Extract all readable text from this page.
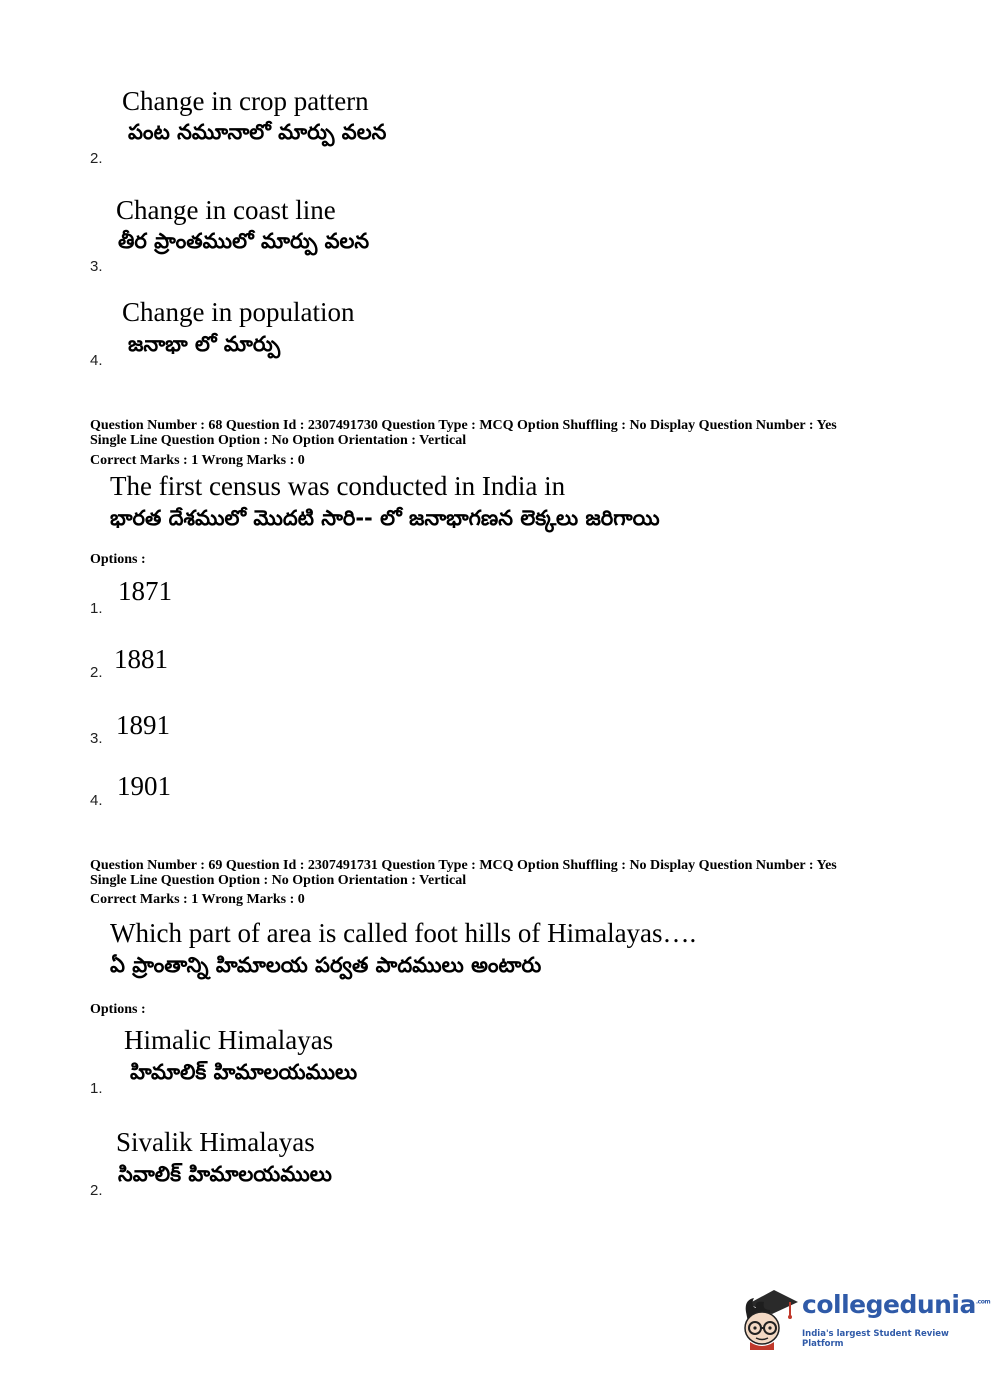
Change in crop pattern
పంట నమూనాలో మార్పు వలన
2.
Change in coast line
తీర ప్రాంతములో మార్పు వలన
3.
Change in population
జనాభా లో మార్పు
4.
Question Number : 68 Question Id : 2307491730 Question Type : MCQ Option Shuffling : No Display Question Number : Yes
Single Line Question Option : No Option Orientation : Vertical
Correct Marks : 1 Wrong Marks : 0
The first census was conducted in India in
భారత దేశములో మొదటి సారి-- లో జనాభాగణన లెక్కలు జరిగాయి
Options :
1.
1871
2. 1881
3. 1891
4. 1901
Question Number : 69 Question Id : 2307491731 Question Type : MCQ Option Shuffling : No Display Question Number : Yes
Single Line Question Option : No Option Orientation : Vertical
Correct Marks : 1 Wrong Marks : 0
Which part of area is called foot hills of Himalayas….
ఏ ప్రాంతాన్ని హిమాలయ పర్వత పాదములు అంటారు
Options :
Himalic Himalayas
హిమాలిక్ హిమాలయములు
1.
Sivalik Himalayas
సివాలిక్ హిమాలయములు
2.
collegedunia$^{.com}$
India's largest Student Review Platform
